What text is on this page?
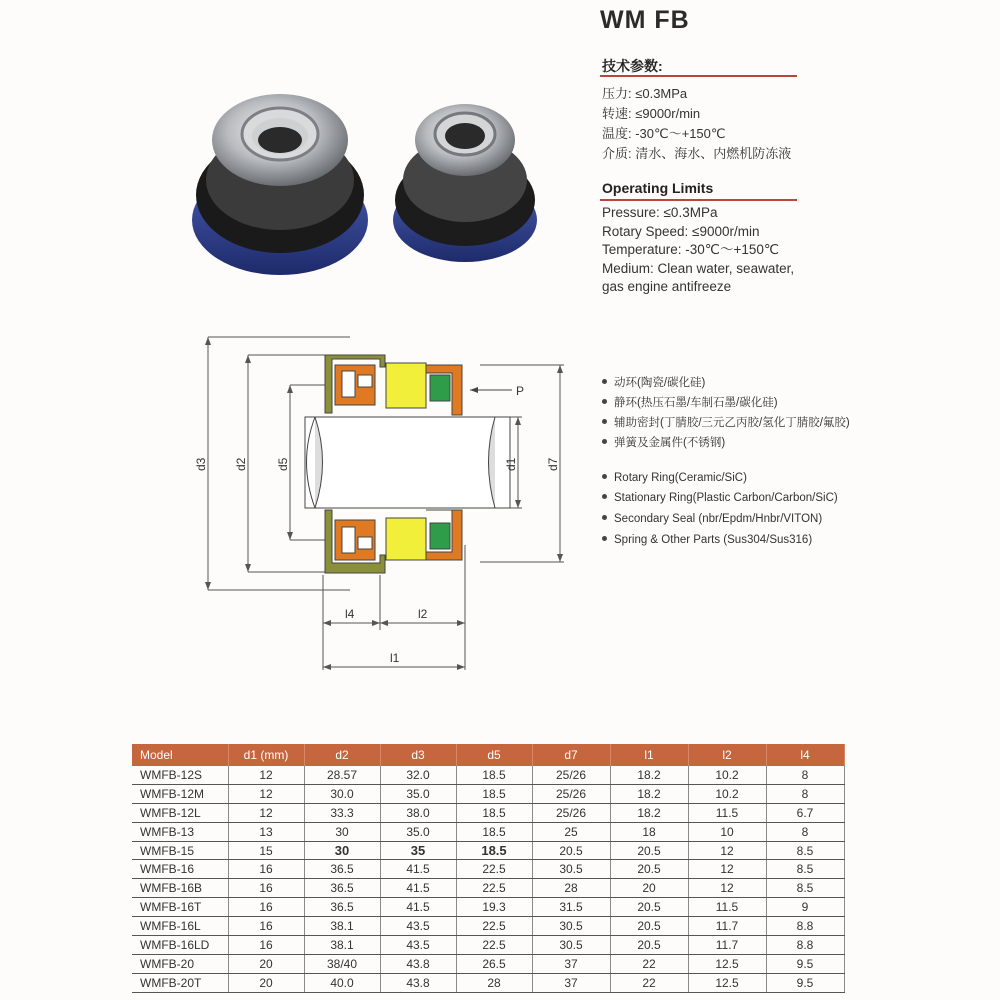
WM FB
技术参数:
压力: ≤0.3MPa
转速: ≤9000r/min
温度: -30℃～+150℃
介质: 清水、海水、内燃机防冻液
Operating Limits
Pressure: ≤0.3MPa
Rotary Speed: ≤9000r/min
Temperature: -30℃～+150℃
Medium: Clean water, seawater,
gas engine antifreeze
P
d3 d2 d5	d1 d7
l4	l2
l1
动环(陶瓷/碳化硅)
静环(热压石墨/车制石墨/碳化硅)
辅助密封(丁腈胶/三元乙丙胶/氢化丁腈胶/氟胶)
弹簧及金属件(不锈钢)
Rotary Ring(Ceramic/SiC)
Stationary Ring(Plastic Carbon/Carbon/SiC)
Secondary Seal (nbr/Epdm/Hnbr/VITON)
Spring & Other Parts (Sus304/Sus316)
Model	d1 (mm)	d2	d3	d5	d7	l1	l2	l4
WMFB-12S	12	28.57	32.0	18.5	25/26	18.2	10.2	8
WMFB-12M	12	30.0	35.0	18.5	25/26	18.2	10.2	8
WMFB-12L	12	33.3	38.0	18.5	25/26	18.2	11.5	6.7
WMFB-13	13	30	35.0	18.5	25	18	10	8
WMFB-15	15	30	35	18.5	20.5	20.5	12	8.5
WMFB-16	16	36.5	41.5	22.5	30.5	20.5	12	8.5
WMFB-16B	16	36.5	41.5	22.5	28	20	12	8.5
WMFB-16T	16	36.5	41.5	19.3	31.5	20.5	11.5	9
WMFB-16L	16	38.1	43.5	22.5	30.5	20.5	11.7	8.8
WMFB-16LD	16	38.1	43.5	22.5	30.5	20.5	11.7	8.8
WMFB-20	20	38/40	43.8	26.5	37	22	12.5	9.5
WMFB-20T	20	40.0	43.8	28	37	22	12.5	9.5
